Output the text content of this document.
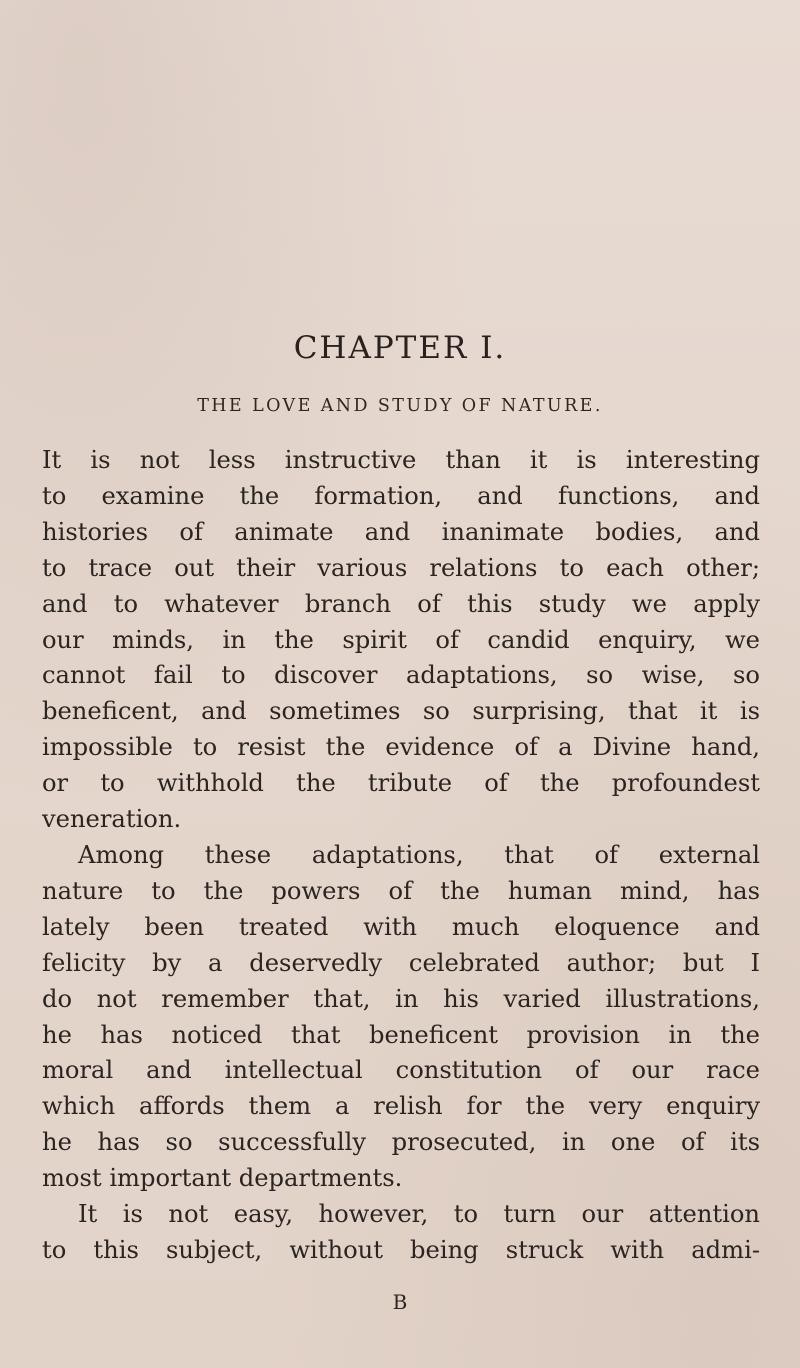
CHAPTER I.
THE LOVE AND STUDY OF NATURE.
It is not less instructive than it is interesting
to examine the formation, and functions, and
histories of animate and inanimate bodies, and
to trace out their various relations to each other;
and to whatever branch of this study we apply
our minds, in the spirit of candid enquiry, we
cannot fail to discover adaptations, so wise, so
beneficent, and sometimes so surprising, that it is
impossible to resist the evidence of a Divine hand,
or to withhold the tribute of the profoundest
veneration.
Among these adaptations, that of external
nature to the powers of the human mind, has
lately been treated with much eloquence and
felicity by a deservedly celebrated author; but I
do not remember that, in his varied illustrations,
he has noticed that beneficent provision in the
moral and intellectual constitution of our race
which affords them a relish for the very enquiry
he has so successfully prosecuted, in one of its
most important departments.
It is not easy, however, to turn our attention
to this subject, without being struck with admi-
B
